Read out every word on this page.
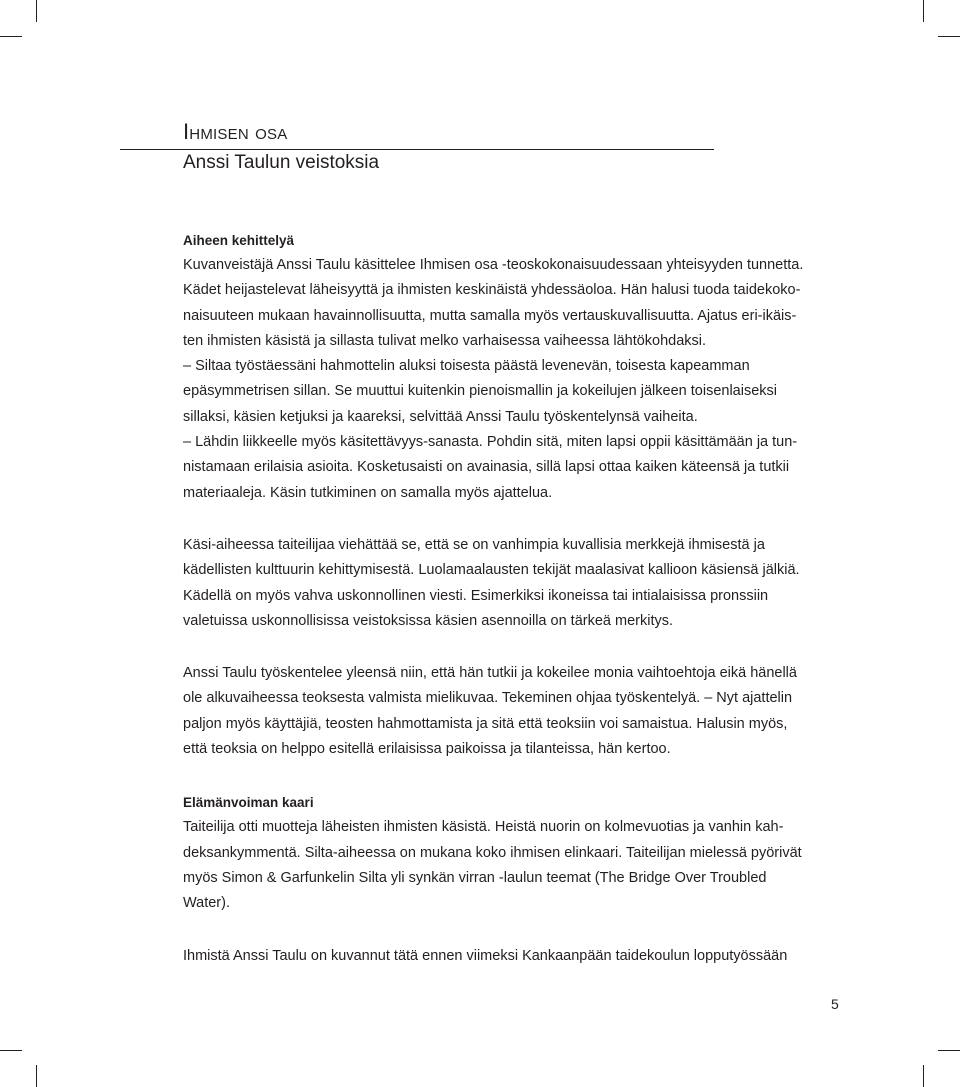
Ihmisen osa
Anssi Taulun veistoksia
Aiheen kehittelyä

Kuvanveistäjä Anssi Taulu käsittelee Ihmisen osa -teoskokonaisuudessaan yhteisyyden tunnetta.
Kädet heijastelevat läheisyyttä ja ihmisten keskinäistä yhdessäoloa. Hän halusi tuoda taidekoko-
naisuuteen mukaan havainnollisuutta, mutta samalla myös vertauskuvallisuutta. Ajatus eri-ikäis-
ten ihmisten käsistä ja sillasta tulivat melko varhaisessa vaiheessa lähtökohdaksi.
– Siltaa työstäessäni hahmottelin aluksi toisesta päästä levenevän, toisesta kapeamman
epäsymmetrisen sillan. Se muuttui kuitenkin pienoismallin ja kokeilujen jälkeen toisenlaiseksi
sillaksi, käsien ketjuksi ja kaareksi, selvittää Anssi Taulu työskentelynsä vaiheita.
– Lähdin liikkeelle myös käsitettävyys-sanasta. Pohdin sitä, miten lapsi oppii käsittämään ja tun-
nistamaan erilaisia asioita. Kosketusaisti on avainasia, sillä lapsi ottaa kaiken käteensä ja tutkii
materiaaleja. Käsin tutkiminen on samalla myös ajattelua.

Käsi-aiheessa taiteilijaa viehättää se, että se on vanhimpia kuvallisia merkkejä ihmisestä ja
kädellisten kulttuurin kehittymisestä. Luolamaalausten tekijät maalasivat kallioon käsiensä jälkiä.
Kädellä on myös vahva uskonnollinen viesti. Esimerkiksi ikoneissa tai intialaisissa pronssiin
valetuissa uskonnollisissa veistoksissa käsien asennoilla on tärkeä merkitys.

Anssi Taulu työskentelee yleensä niin, että hän tutkii ja kokeilee monia vaihtoehtoja eikä hänellä
ole alkuvaiheessa teoksesta valmista mielikuvaa. Tekeminen ohjaa työskentelyä. – Nyt ajattelin
paljon myös käyttäjiä, teosten hahmottamista ja sitä että teoksiin voi samaistua. Halusin myös,
että teoksia on helppo esitellä erilaisissa paikoissa ja tilanteissa, hän kertoo.

Elämänvoiman kaari

Taiteilija otti muotteja läheisten ihmisten käsistä. Heistä nuorin on kolmevuotias ja vanhin kah-
deksankymmentä. Silta-aiheessa on mukana koko ihmisen elinkaari. Taiteilijan mielessä pyörivät
myös Simon & Garfunkelin Silta yli synkän virran -laulun teemat (The Bridge Over Troubled
Water).

Ihmistä Anssi Taulu on kuvannut tätä ennen viimeksi Kankaanpään taidekoulun lopputyössään

5
